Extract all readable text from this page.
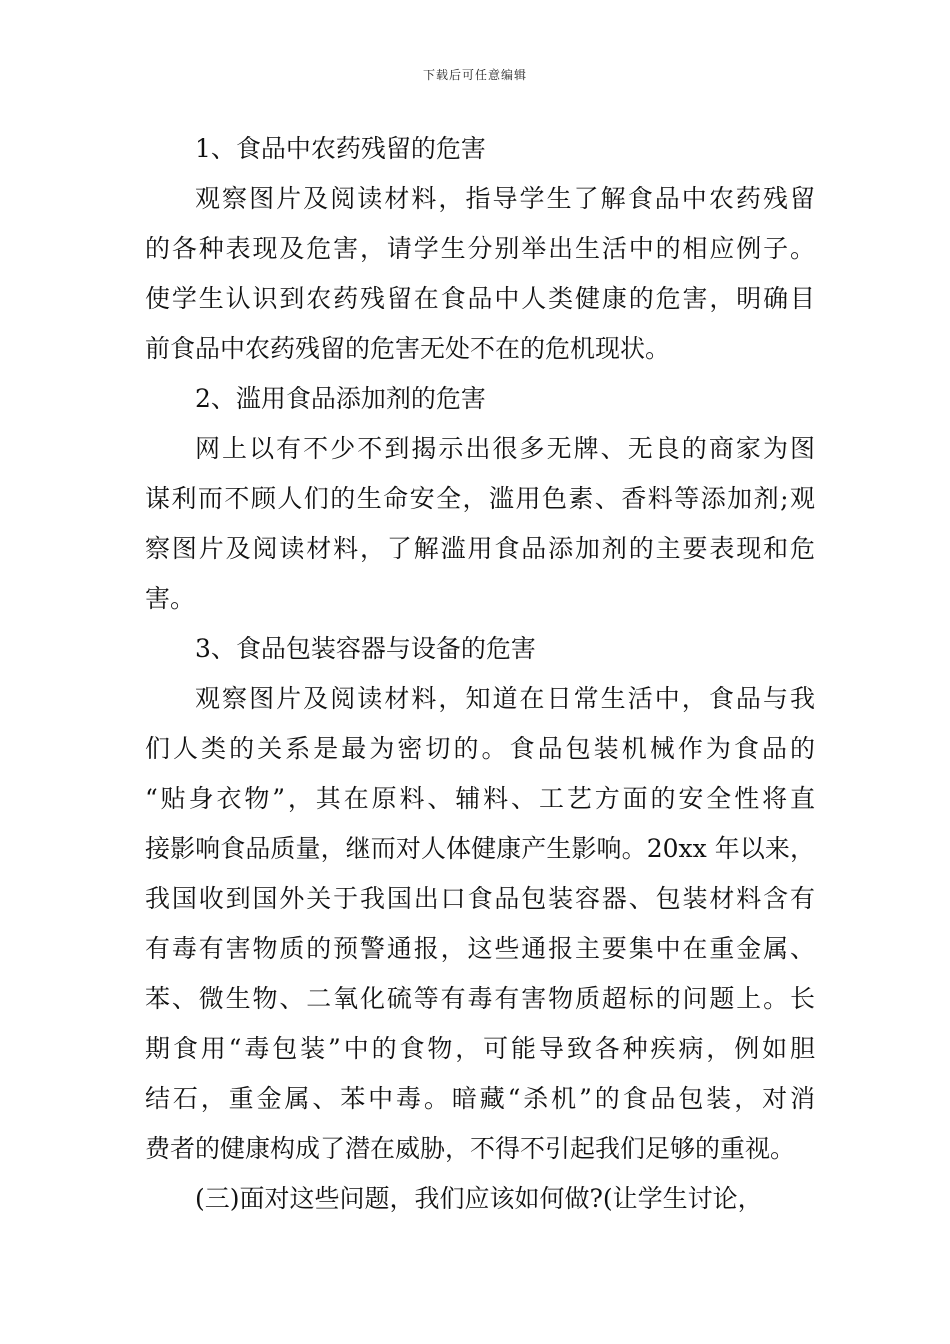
下载后可任意编辑

1、食品中农药残留的危害

观察图片及阅读材料，指导学生了解食品中农药残留
的各种表现及危害，请学生分别举出生活中的相应例子。
使学生认识到农药残留在食品中人类健康的危害，明确目
前食品中农药残留的危害无处不在的危机现状。

2、滥用食品添加剂的危害

网上以有不少不到揭示出很多无牌、无良的商家为图
谋利而不顾人们的生命安全，滥用色素、香料等添加剂;观
察图片及阅读材料，了解滥用食品添加剂的主要表现和危
害。

3、食品包装容器与设备的危害

观察图片及阅读材料，知道在日常生活中，食品与我
们人类的关系是最为密切的。食品包装机械作为食品的
“贴身衣物”，其在原料、辅料、工艺方面的安全性将直
接影响食品质量，继而对人体健康产生影响。20xx 年以来，
我国收到国外关于我国出口食品包装容器、包装材料含有
有毒有害物质的预警通报，这些通报主要集中在重金属、
苯、微生物、二氧化硫等有毒有害物质超标的问题上。长
期食用“毒包装”中的食物，可能导致各种疾病，例如胆
结石，重金属、苯中毒。暗藏“杀机”的食品包装，对消
费者的健康构成了潜在威胁，不得不引起我们足够的重视。

(三)面对这些问题，我们应该如何做?(让学生讨论，
